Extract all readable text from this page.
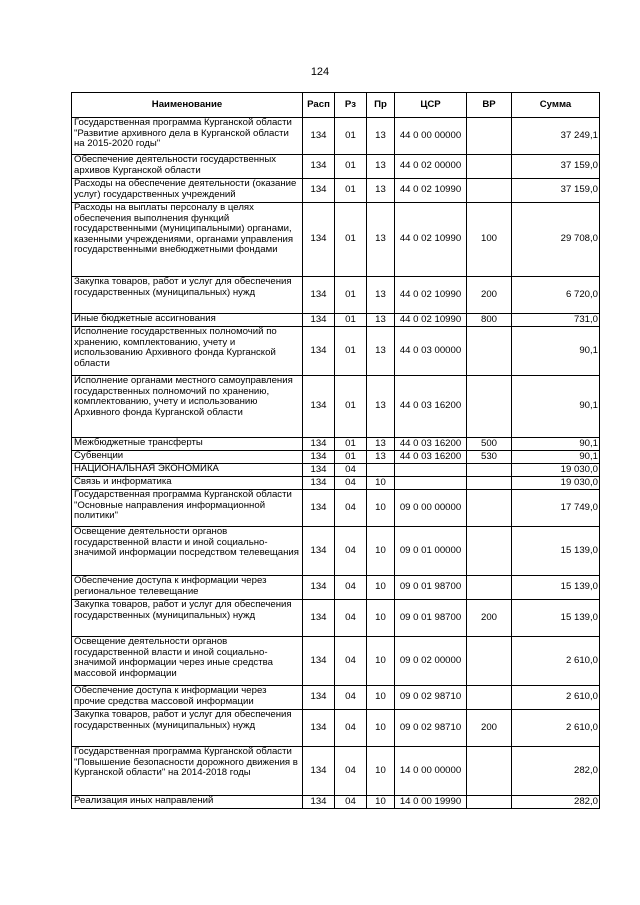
124
Наименование	Расп	Рз	Пр	ЦСР	ВР	Сумма
Государственная программа Курганской области "Развитие архивного дела в Курганской области на 2015-2020 годы"	134	01	13	44 0 00 00000		37 249,1
Обеспечение деятельности государственных архивов Курганской области	134	01	13	44 0 02 00000		37 159,0
Расходы на обеспечение деятельности (оказание услуг) государственных учреждений	134	01	13	44 0 02 10990		37 159,0
Расходы на выплаты персоналу в целях обеспечения выполнения функций государственными (муниципальными) органами, казенными учреждениями, органами управления государственными внебюджетными фондами	134	01	13	44 0 02 10990	100	29 708,0
Закупка товаров, работ и услуг для обеспечения государственных (муниципальных) нужд	134	01	13	44 0 02 10990	200	6 720,0
Иные бюджетные ассигнования	134	01	13	44 0 02 10990	800	731,0
Исполнение государственных полномочий по хранению, комплектованию, учету и использованию Архивного фонда Курганской области	134	01	13	44 0 03 00000		90,1
Исполнение органами местного самоуправления государственных полномочий по хранению, комплектованию, учету и использованию Архивного фонда Курганской области	134	01	13	44 0 03 16200		90,1
Межбюджетные трансферты	134	01	13	44 0 03 16200	500	90,1
Субвенции	134	01	13	44 0 03 16200	530	90,1
НАЦИОНАЛЬНАЯ ЭКОНОМИКА	134	04				19 030,0
Связь и информатика	134	04	10			19 030,0
Государственная программа Курганской области "Основные направления информационной политики"	134	04	10	09 0 00 00000		17 749,0
Освещение деятельности органов государственной власти и иной социально-значимой информации посредством телевещания	134	04	10	09 0 01 00000		15 139,0
Обеспечение доступа к информации через региональное телевещание	134	04	10	09 0 01 98700		15 139,0
Закупка товаров, работ и услуг для обеспечения государственных (муниципальных) нужд	134	04	10	09 0 01 98700	200	15 139,0
Освещение деятельности органов государственной власти и иной социально-значимой информации через иные средства массовой информации	134	04	10	09 0 02 00000		2 610,0
Обеспечение доступа к информации через прочие средства массовой информации	134	04	10	09 0 02 98710		2 610,0
Закупка товаров, работ и услуг для обеспечения государственных (муниципальных) нужд	134	04	10	09 0 02 98710	200	2 610,0
Государственная программа Курганской области "Повышение безопасности дорожного движения в Курганской области" на 2014-2018 годы	134	04	10	14 0 00 00000		282,0
Реализация иных направлений	134	04	10	14 0 00 19990		282,0
